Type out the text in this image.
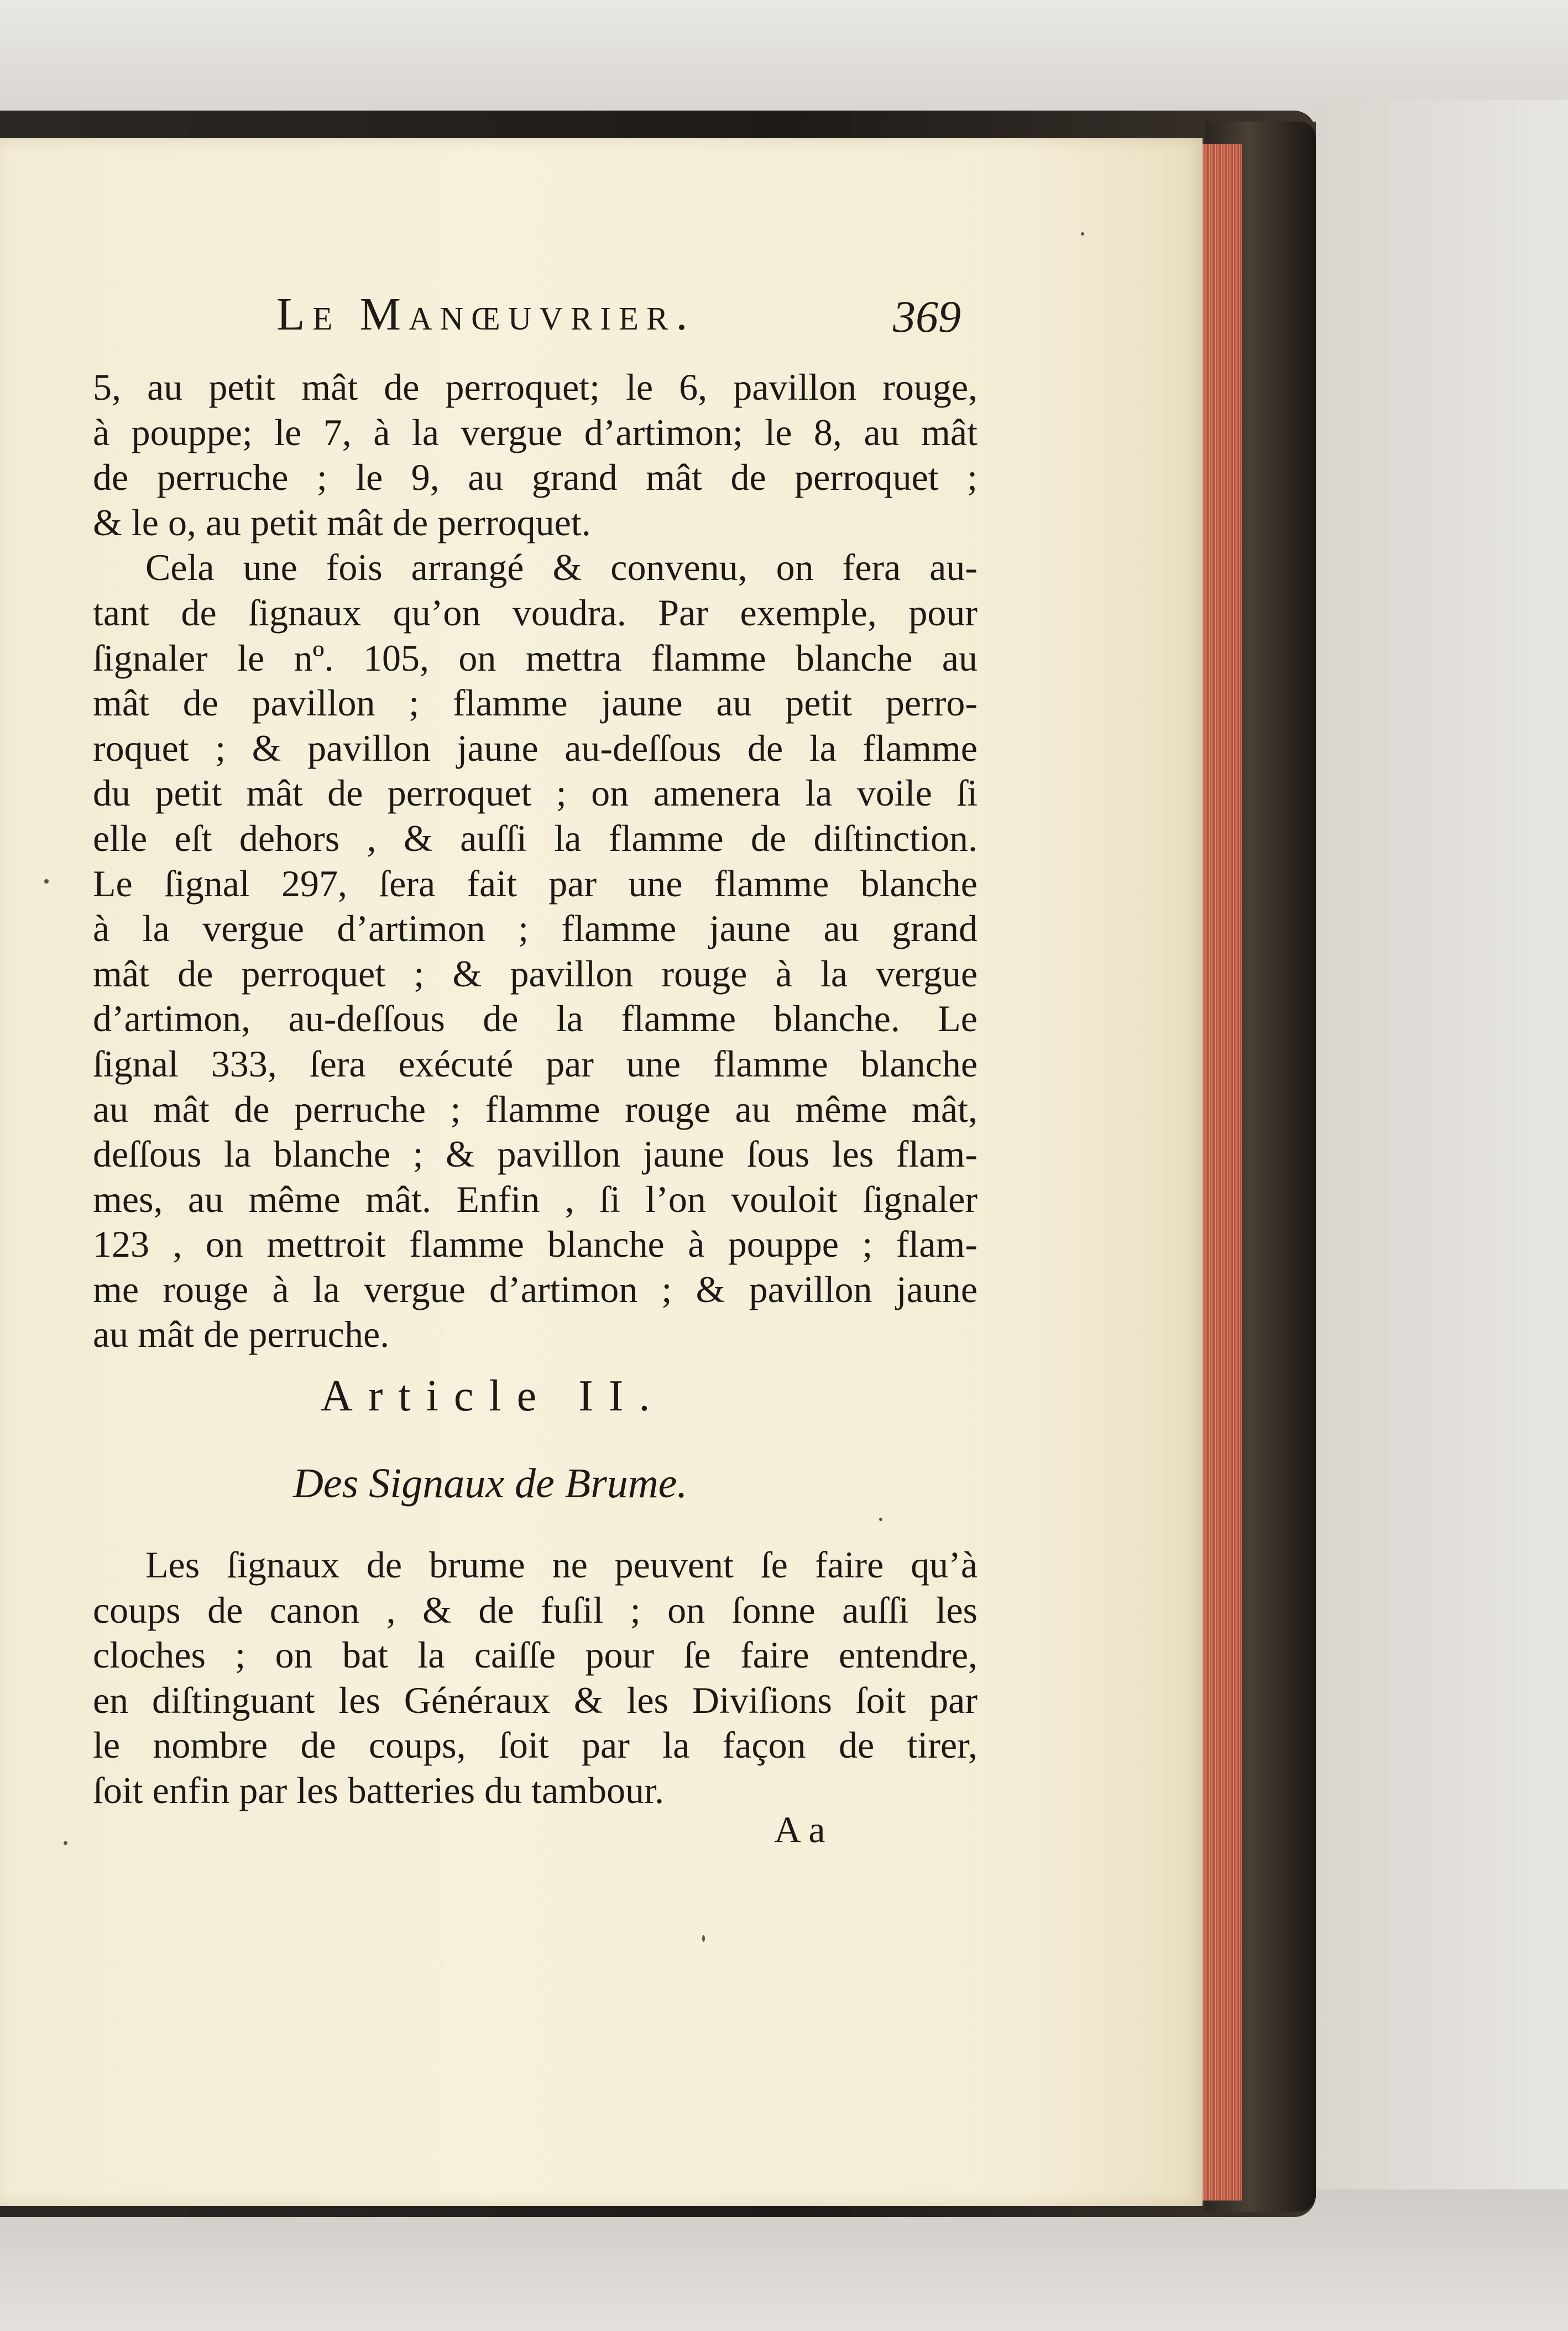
Le Manœuvrier.	369
5, au petit mât de perroquet; le 6, pavillon rouge,
à pouppe; le 7, à la vergue d’artimon; le 8, au mât
de perruche ; le 9, au grand mât de perroquet ;
& le o, au petit mât de perroquet.
Cela une fois arrangé & convenu, on fera au-
tant de ſignaux qu’on voudra. Par exemple, pour
ſignaler le nº. 105, on mettra flamme blanche au
mât de pavillon ; flamme jaune au petit perro-
roquet ; & pavillon jaune au-deſſous de la flamme
du petit mât de perroquet ; on amenera la voile ſi
elle eſt dehors , & auſſi la flamme de diſtinction.
Le ſignal 297, ſera fait par une flamme blanche
à la vergue d’artimon ; flamme jaune au grand
mât de perroquet ; & pavillon rouge à la vergue
d’artimon, au-deſſous de la flamme blanche. Le
ſignal 333, ſera exécuté par une flamme blanche
au mât de perruche ; flamme rouge au même mât,
deſſous la blanche ; & pavillon jaune ſous les flam-
mes, au même mât. Enfin , ſi l’on vouloit ſignaler
123 , on mettroit flamme blanche à pouppe ; flam-
me rouge à la vergue d’artimon ; & pavillon jaune
au mât de perruche.
Article II.
Des Signaux de Brume.
Les ſignaux de brume ne peuvent ſe faire qu’à
coups de canon , & de fuſil ; on ſonne auſſi les
cloches ; on bat la caiſſe pour ſe faire entendre,
en diſtinguant les Généraux & les Diviſions ſoit par
le nombre de coups, ſoit par la façon de tirer,
ſoit enfin par les batteries du tambour.
A a
